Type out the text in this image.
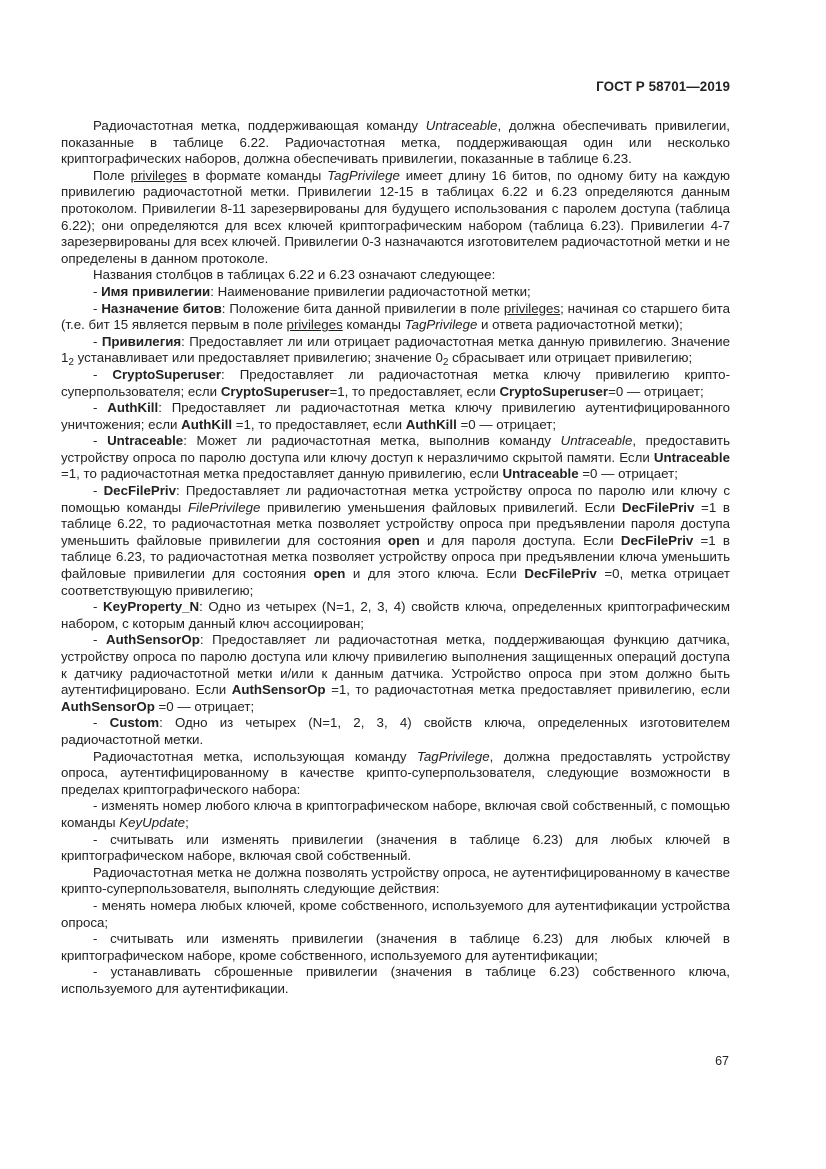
ГОСТ Р 58701—2019

Радиочастотная метка, поддерживающая команду Untraceable, должна обеспечивать привилегии, показанные в таблице 6.22. Радиочастотная метка, поддерживающая один или несколько криптографических наборов, должна обеспечивать привилегии, показанные в таблице 6.23.

Поле privileges в формате команды TagPrivilege имеет длину 16 битов, по одному биту на каждую привилегию радиочастотной метки. Привилегии 12-15 в таблицах 6.22 и 6.23 определяются данным протоколом. Привилегии 8-11 зарезервированы для будущего использования с паролем доступа (таблица 6.22); они определяются для всех ключей криптографическим набором (таблица 6.23). Привилегии 4-7 зарезервированы для всех ключей. Привилегии 0-3 назначаются изготовителем радиочастотной метки и не определены в данном протоколе.

Названия столбцов в таблицах 6.22 и 6.23 означают следующее:

- Имя привилегии: Наименование привилегии радиочастотной метки;

- Назначение битов: Положение бита данной привилегии в поле privileges; начиная со старшего бита (т.е. бит 15 является первым в поле privileges команды TagPrivilege и ответа радиочастотной метки);

- Привилегия: Предоставляет ли или отрицает радиочастотная метка данную привилегию. Значение $1_2$ устанавливает или предоставляет привилегию; значение $0_2$ сбрасывает или отрицает привилегию;

- CryptoSuperuser: Предоставляет ли радиочастотная метка ключу привилегию крипто-суперпользователя; если CryptoSuperuser=1, то предоставляет, если CryptoSuperuser=0 — отрицает;

- AuthKill: Предоставляет ли радиочастотная метка ключу привилегию аутентифицированного уничтожения; если AuthKill =1, то предоставляет, если AuthKill =0 — отрицает;

- Untraceable: Может ли радиочастотная метка, выполнив команду Untraceable, предоставить устройству опроса по паролю доступа или ключу доступ к неразличимо скрытой памяти. Если Untraceable =1, то радиочастотная метка предоставляет данную привилегию, если Untraceable =0 — отрицает;

- DecFilePriv: Предоставляет ли радиочастотная метка устройству опроса по паролю или ключу с помощью команды FilePrivilege привилегию уменьшения файловых привилегий. Если DecFilePriv =1 в таблице 6.22, то радиочастотная метка позволяет устройству опроса при предъявлении пароля доступа уменьшить файловые привилегии для состояния open и для пароля доступа. Если DecFilePriv =1 в таблице 6.23, то радиочастотная метка позволяет устройству опроса при предъявлении ключа уменьшить файловые привилегии для состояния open и для этого ключа. Если DecFilePriv =0, метка отрицает соответствующую привилегию;

- KeyProperty_N: Одно из четырех (N=1, 2, 3, 4) свойств ключа, определенных криптографическим набором, с которым данный ключ ассоциирован;

- AuthSensorOp: Предоставляет ли радиочастотная метка, поддерживающая функцию датчика, устройству опроса по паролю доступа или ключу привилегию выполнения защищенных операций доступа к датчику радиочастотной метки и/или к данным датчика. Устройство опроса при этом должно быть аутентифицировано. Если AuthSensorOp =1, то радиочастотная метка предоставляет привилегию, если AuthSensorOp =0 — отрицает;

- Custom: Одно из четырех (N=1, 2, 3, 4) свойств ключа, определенных изготовителем радиочастотной метки.

Радиочастотная метка, использующая команду TagPrivilege, должна предоставлять устройству опроса, аутентифицированному в качестве крипто-суперпользователя, следующие возможности в пределах криптографического набора:

- изменять номер любого ключа в криптографическом наборе, включая свой собственный, с помощью команды KeyUpdate;

- считывать или изменять привилегии (значения в таблице 6.23) для любых ключей в криптографическом наборе, включая свой собственный.

Радиочастотная метка не должна позволять устройству опроса, не аутентифицированному в качестве крипто-суперпользователя, выполнять следующие действия:

- менять номера любых ключей, кроме собственного, используемого для аутентификации устройства опроса;

- считывать или изменять привилегии (значения в таблице 6.23) для любых ключей в криптографическом наборе, кроме собственного, используемого для аутентификации;

- устанавливать сброшенные привилегии (значения в таблице 6.23) собственного ключа, используемого для аутентификации.

67
